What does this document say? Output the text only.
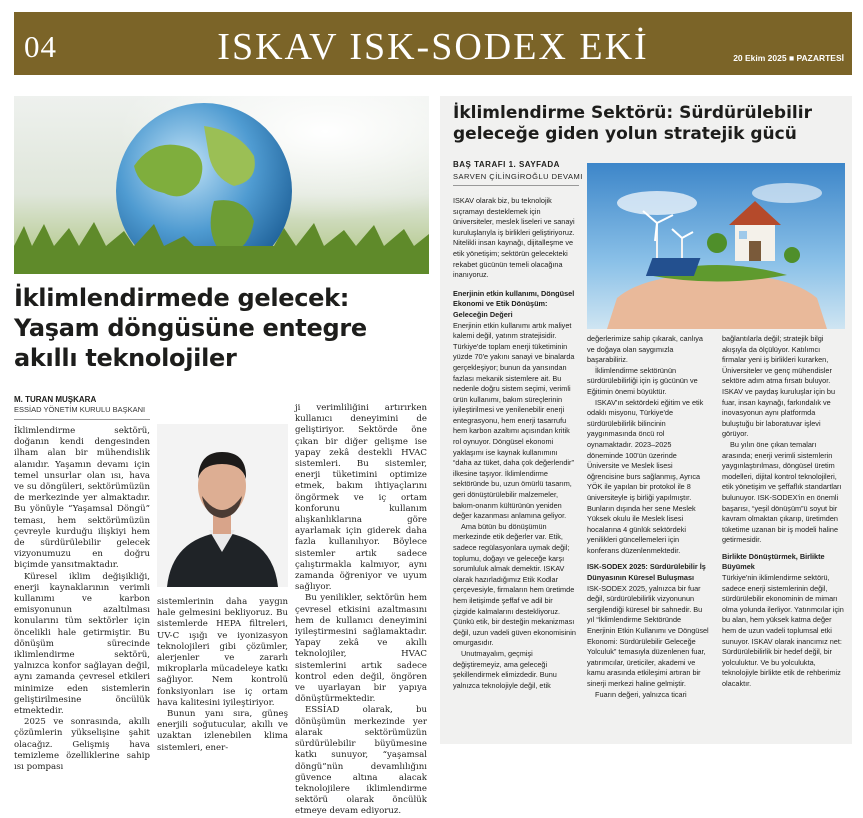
04	ISKAV ISK-SODEX EKİ	20 Ekim 2025 ■ PAZARTESİ
İklimlendirmede gelecek: Yaşam döngüsüne entegre akıllı teknolojiler
M. TURAN MUŞKARA
ESSİAD YÖNETİM KURULU BAŞKANI

İklimlendirme sektörü, doğanın kendi dengesinden ilham alan bir mühendislik alanıdır. Yaşamın devamı için temel unsurlar olan ısı, hava ve su döngüleri, sektörümüzün de merkezinde yer almaktadır. Bu yönüyle “Yaşamsal Döngü” teması, hem sektörümüzün çevreyle kurduğu ilişkiyi hem de sürdürülebilir gelecek vizyonumuzu en doğru biçimde yansıtmaktadır.

Küresel iklim değişikliği, enerji kaynaklarının verimli kullanımı ve karbon emisyonunun azaltılması konularını tüm sektörler için öncelikli hale getirmiştir. Bu dönüşüm sürecinde iklimlendirme sektörü, yalnızca konfor sağlayan değil, aynı zamanda çevresel etkileri minimize eden sistemlerin geliştirilmesine öncülük etmektedir.

2025 ve sonrasında, akıllı çözümlerin yükselişine şahit olacağız. Gelişmiş hava temizleme özelliklerine sahip ısı pompası

sistemlerinin daha yaygın hale gelmesini bekliyoruz. Bu sistemlerde HEPA filtreleri, UV-C ışığı ve iyonizasyon teknolojileri gibi çözümler, alerjenler ve zararlı mikroplarla mücadeleye katkı sağlıyor. Nem kontrolü fonksiyonları ise iç ortam hava kalitesini iyileştiriyor.

Bunun yanı sıra, güneş enerjili soğutucular, akıllı ve uzaktan izlenebilen klima sistemleri, ener-

ji verimliliğini artırırken kullanıcı deneyimini de geliştiriyor. Sektörde öne çıkan bir diğer gelişme ise yapay zekâ destekli HVAC sistemleri. Bu sistemler, enerji tüketimini optimize etmek, bakım ihtiyaçlarını öngörmek ve iç ortam konforunu kullanım alışkanlıklarına göre ayarlamak için giderek daha fazla kullanılıyor. Böylece sistemler artık sadece çalıştırmakla kalmıyor, aynı zamanda öğreniyor ve uyum sağlıyor.

Bu yenilikler, sektörün hem çevresel etkisini azaltmasını hem de kullanıcı deneyimini iyileştirmesini sağlamaktadır. Yapay zekâ ve akıllı teknolojiler, HVAC sistemlerini artık sadece kontrol eden değil, öngören ve uyarlayan bir yapıya dönüştürmektedir.

ESSİAD olarak, bu dönüşümün merkezinde yer alarak sektörümüzün sürdürülebilir büyümesine katkı sunuyor, “yaşamsal döngü”nün devamlılığını güvence altına alacak teknolojilere iklimlendirme sektörü olarak öncülük etmeye devam ediyoruz.

İklimlendirme Sektörü: Sürdürülebilir geleceğe giden yolun stratejik gücü
BAŞ TARAFI 1. SAYFADA
SARVEN ÇİLİNGİROĞLU DEVAMI

ISKAV olarak biz, bu teknolojik sıçramayı desteklemek için üniversiteler, meslek liseleri ve sanayi kuruluşlarıyla iş birlikleri geliştiriyoruz. Nitelikli insan kaynağı, dijitalleşme ve etik yönetişim; sektörün gelecekteki rekabet gücünün temeli olacağına inanıyoruz.

Enerjinin etkin kullanımı, Döngüsel Ekonomi ve Etik Dönüşüm: Geleceğin Değeri

Enerjinin etkin kullanımı artık maliyet kalemi değil, yatırım stratejisidir. Türkiye'de toplam enerji tüketiminin yüzde 70'e yakını sanayi ve binalarda gerçekleşiyor; bunun da yarısından fazlası mekanik sistemlere ait. Bu nedenle doğru sistem seçimi, verimli ürün kullanımı, bakım süreçlerinin iyileştirilmesi ve yenilenebilir enerji entegrasyonu, hem enerji tasarrufu hem karbon azaltımı açısından kritik rol oynuyor. Döngüsel ekonomi yaklaşımı ise kaynak kullanımını “daha az tüket, daha çok değerlendir” ilkesine taşıyor. İklimlendirme sektöründe bu, uzun ömürlü tasarım, geri dönüştürülebilir malzemeler, bakım-onarım kültürünün yeniden değer kazanması anlamına geliyor.

Ama bütün bu dönüşümün merkezinde etik değerler var. Etik, sadece regülasyonlara uymak değil; toplumu, doğayı ve geleceğe karşı sorumluluk almak demektir. ISKAV olarak hazırladığımız Etik Kodlar çerçevesiyle, firmaların hem üretimde hem iletişimde şeffaf ve adil bir çizgide kalmalarını destekliyoruz. Çünkü etik, bir desteğin mekanizması değil, uzun vadeli güven ekonomisinin omurgasıdır.

Unutmayalım, geçmişi değiştiremeyiz, ama geleceği şekillendirmek elimizdedir. Bunu yalnızca teknolojiyle değil, etik

değerlerimize sahip çıkarak, canlıya ve doğaya olan saygımızla başarabiliriz.

İklimlendirme sektörünün sürdürülebilirliği için iş gücünün ve Eğitimin önemi büyüktür.

ISKAV'ın sektördeki eğitim ve etik odaklı misyonu, Türkiye'de sürdürülebilirlik bilincinin yaygınmasında öncü rol oynamaktadır. 2023–2025 döneminde 100'ün üzerinde Üniversite ve Meslek lisesi öğrencisine burs sağlanmış, Ayrıca YÖK ile yapılan bir protokol ile 8 üniversiteyle iş birliği yapılmıştır. Bunların dışında her sene Meslek Yüksek okulu ile Meslek lisesi hocalarına 4 günlük sektördeki yenilikleri güncellemeleri için konferans düzenlenmektedir.

ISK-SODEX 2025: Sürdürülebilir İş Dünyasının Küresel Buluşması

ISK-SODEX 2025, yalnızca bir fuar değil, sürdürülebilirlik vizyonunun sergilendiği küresel bir sahnedir. Bu yıl “İklimlendirme Sektöründe Enerjinin Etkin Kullanımı ve Döngüsel Ekonomi: Sürdürülebilir Geleceğe Yolculuk” temasıyla düzenlenen fuar, yatırımcılar, üreticiler, akademi ve kamu arasında etkileşimi artıran bir sinerji merkezi haline gelmiştir.

Fuarın değeri, yalnızca ticari

bağlantılarla değil; stratejik bilgi akışıyla da ölçülüyor. Katılımcı firmalar yeni iş birlikleri kurarken, Üniversiteler ve genç mühendisler sektöre adım atma fırsatı buluyor. ISKAV ve paydaş kuruluşlar için bu fuar, insan kaynağı, farkındalık ve inovasyonun aynı platformda buluştuğu bir laboratuvar işlevi görüyor.

Bu yılın öne çıkan temaları arasında; enerji verimli sistemlerin yaygınlaştırılması, döngüsel üretim modelleri, dijital kontrol teknolojileri, etik yönetişim ve şeffaflık standartları bulunuyor. ISK-SODEX'in en önemli başarısı, “yeşil dönüşüm”ü soyut bir kavram olmaktan çıkarıp, üretimden tüketime uzanan bir iş modeli haline getirmesidir.

Birlikte Dönüştürmek, Birlikte Büyümek

Türkiye'nin iklimlendirme sektörü, sadece enerji sistemlerinin değil, sürdürülebilir ekonominin de mimarı olma yolunda ilerliyor. Yatırımcılar için bu alan, hem yüksek katma değer hem de uzun vadeli toplumsal etki sunuyor. ISKAV olarak inancımız net: Sürdürülebilirlik bir hedef değil, bir yolculuktur. Ve bu yolculukta, teknolojiyle birlikte etik de rehberimiz olacaktır.
